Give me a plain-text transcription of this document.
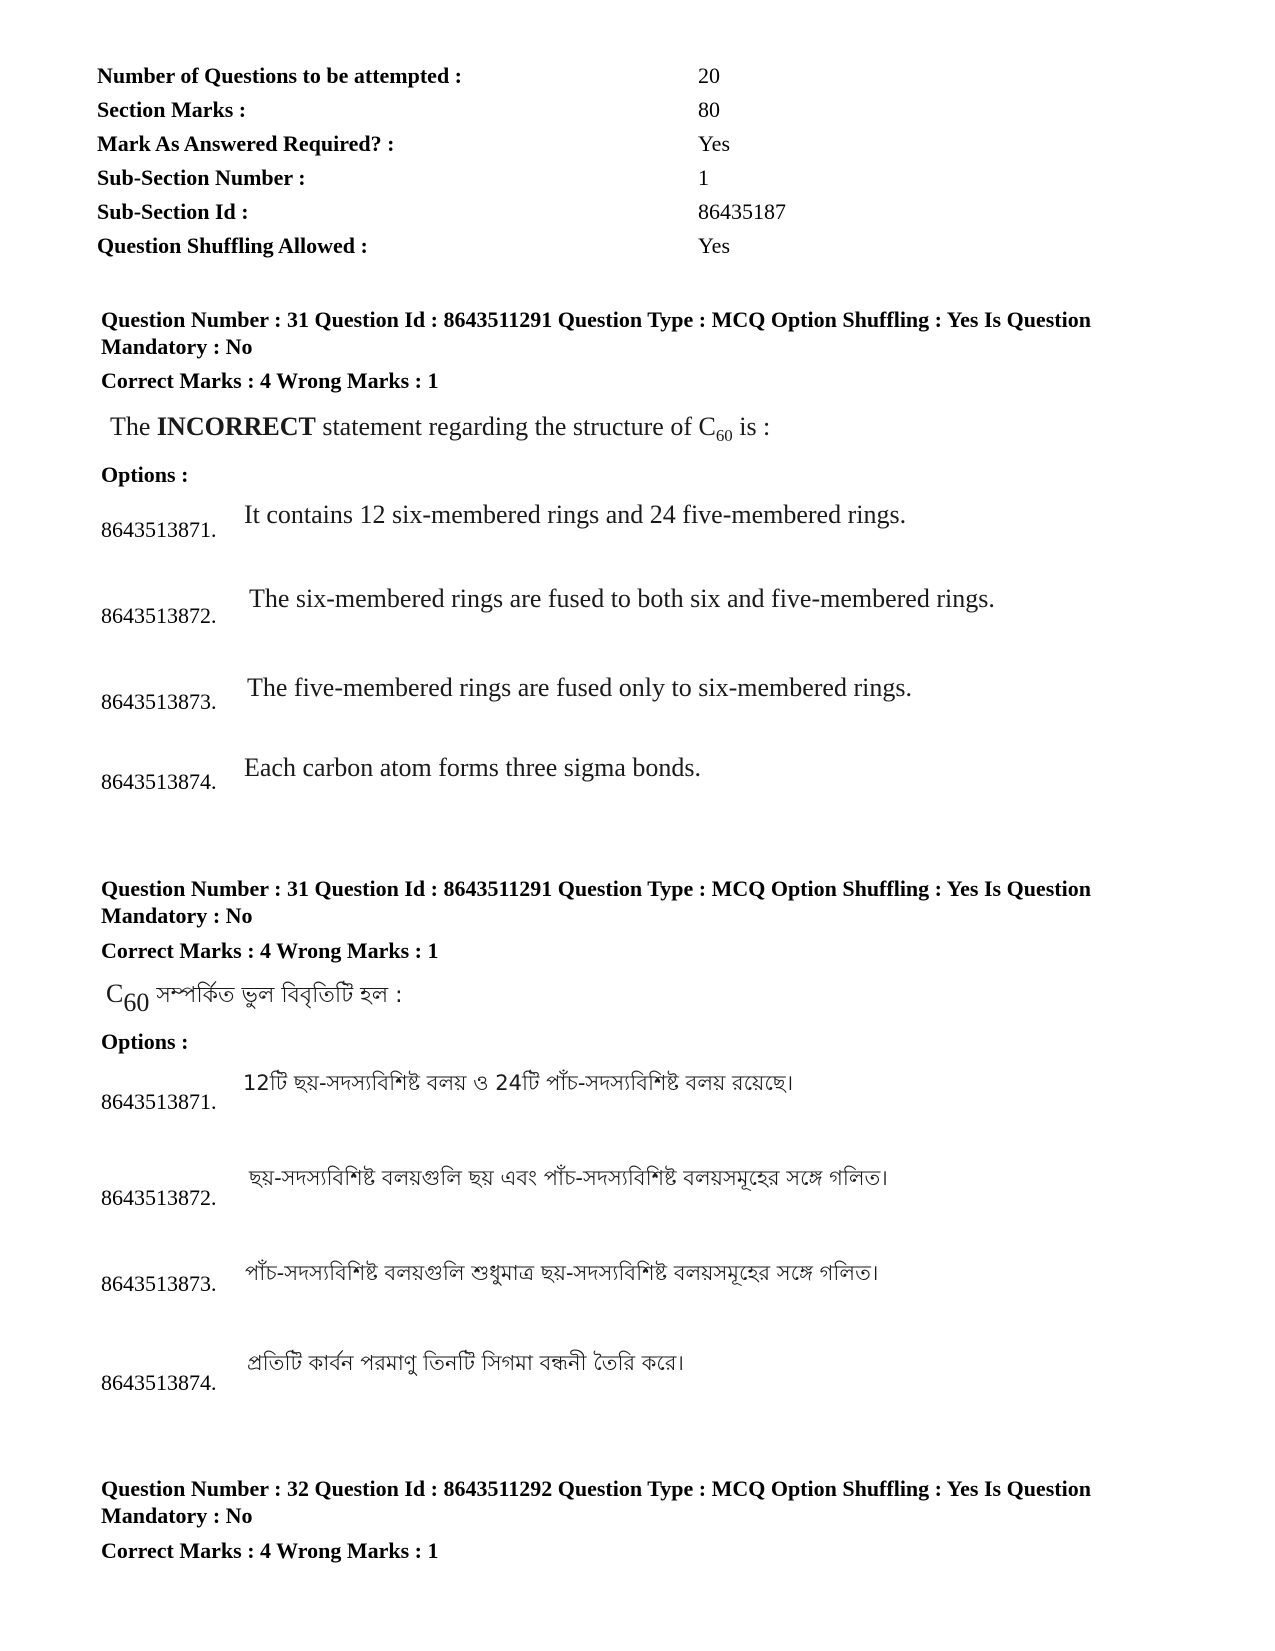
Number of Questions to be attempted :	20
Section Marks :	80
Mark As Answered Required? :	Yes
Sub-Section Number :	1
Sub-Section Id :	86435187
Question Shuffling Allowed :	Yes
Question Number : 31 Question Id : 8643511291 Question Type : MCQ Option Shuffling : Yes Is Question Mandatory : No
Correct Marks : 4 Wrong Marks : 1
The INCORRECT statement regarding the structure of $C_{60}$ is :
Options :
8643513871.
It contains 12 six-membered rings and 24 five-membered rings.
8643513872.
The six-membered rings are fused to both six and five-membered rings.
8643513873. The five-membered rings are fused only to six-membered rings.
8643513874. Each carbon atom forms three sigma bonds.
Question Number : 31 Question Id : 8643511291 Question Type : MCQ Option Shuffling : Yes Is Question Mandatory : No
Correct Marks : 4 Wrong Marks : 1
$C_{60}$ সম্পর্কিত ভুল বিবৃতিটি হল :
Options :
8643513871.
12টি ছয়-সদস্যবিশিষ্ট বলয় ও 24টি পাঁচ-সদস্যবিশিষ্ট বলয় রয়েছে।
8643513872.
ছয়-সদস্যবিশিষ্ট বলয়গুলি ছয় এবং পাঁচ-সদস্যবিশিষ্ট বলয়সমূহের সঙ্গে গলিত।
8643513873. পাঁচ-সদস্যবিশিষ্ট বলয়গুলি শুধুমাত্র ছয়-সদস্যবিশিষ্ট বলয়সমূহের সঙ্গে গলিত।
8643513874.
প্রতিটি কার্বন পরমাণু তিনটি সিগমা বন্ধনী তৈরি করে।
Question Number : 32 Question Id : 8643511292 Question Type : MCQ Option Shuffling : Yes Is Question Mandatory : No
Correct Marks : 4 Wrong Marks : 1
